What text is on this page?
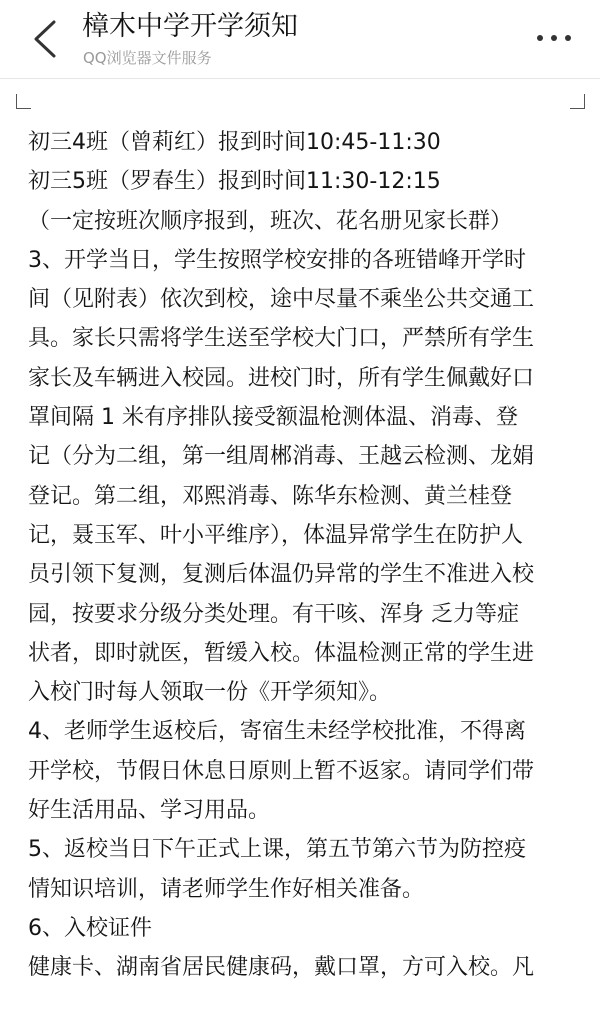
樟木中学开学须知
QQ浏览器文件服务
初三4班（曾莉红）报到时间10:45-11:30
初三5班（罗春生）报到时间11:30-12:15
（一定按班次顺序报到，班次、花名册见家长群）
3、开学当日，学生按照学校安排的各班错峰开学时
间（见附表）依次到校，途中尽量不乘坐公共交通工
具。家长只需将学生送至学校大门口，严禁所有学生
家长及车辆进入校园。进校门时，所有学生佩戴好口
罩间隔 1 米有序排队接受额温枪测体温、消毒、登
记（分为二组，第一组周郴消毒、王越云检测、龙娟
登记。第二组，邓熙消毒、陈华东检测、黄兰桂登
记，聂玉军、叶小平维序），体温异常学生在防护人
员引领下复测，复测后体温仍异常的学生不准进入校
园，按要求分级分类处理。有干咳、浑身 乏力等症
状者，即时就医，暂缓入校。体温检测正常的学生进
入校门时每人领取一份《开学须知》。
4、老师学生返校后，寄宿生未经学校批准，不得离
开学校，节假日休息日原则上暂不返家。请同学们带
好生活用品、学习用品。
5、返校当日下午正式上课，第五节第六节为防控疫
情知识培训，请老师学生作好相关准备。
6、入校证件
健康卡、湖南省居民健康码，戴口罩，方可入校。凡
